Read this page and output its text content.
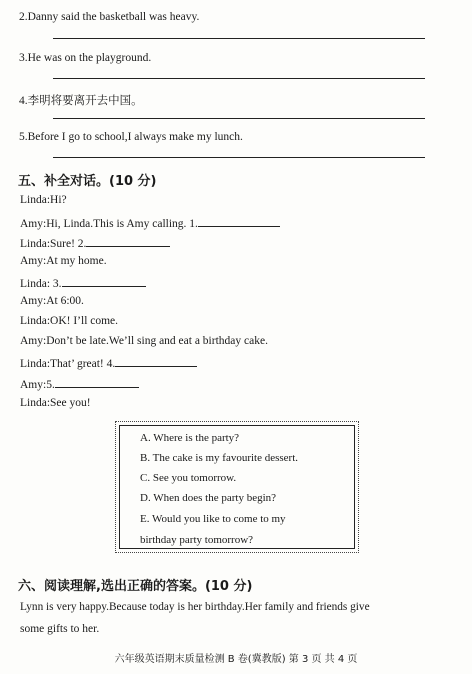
2.Danny said the basketball was heavy.
3.He was on the playground.
4.李明将要离开去中国。
5.Before I go to school,I always make my lunch.
五、补全对话。(10 分)
Linda:Hi?
Amy:Hi, Linda.This is Amy calling. 1.
Linda:Sure! 2.
Amy:At my home.
Linda: 3.
Amy:At 6:00.
Linda:OK! I’ll come.
Amy:Don’t be late.We’ll sing and eat a birthday cake.
Linda:That’ great! 4.
Amy:5.
Linda:See you!
A. Where is the party?
B. The cake is my favourite dessert.
C. See you tomorrow.
D. When does the party begin?
E. Would you like to come to my
birthday party tomorrow?
六、阅读理解,选出正确的答案。(10 分)
Lynn is very happy.Because today is her birthday.Her family and friends give
some gifts to her.
六年级英语期末质量检测 B 卷(冀教版) 第 3 页 共 4 页
